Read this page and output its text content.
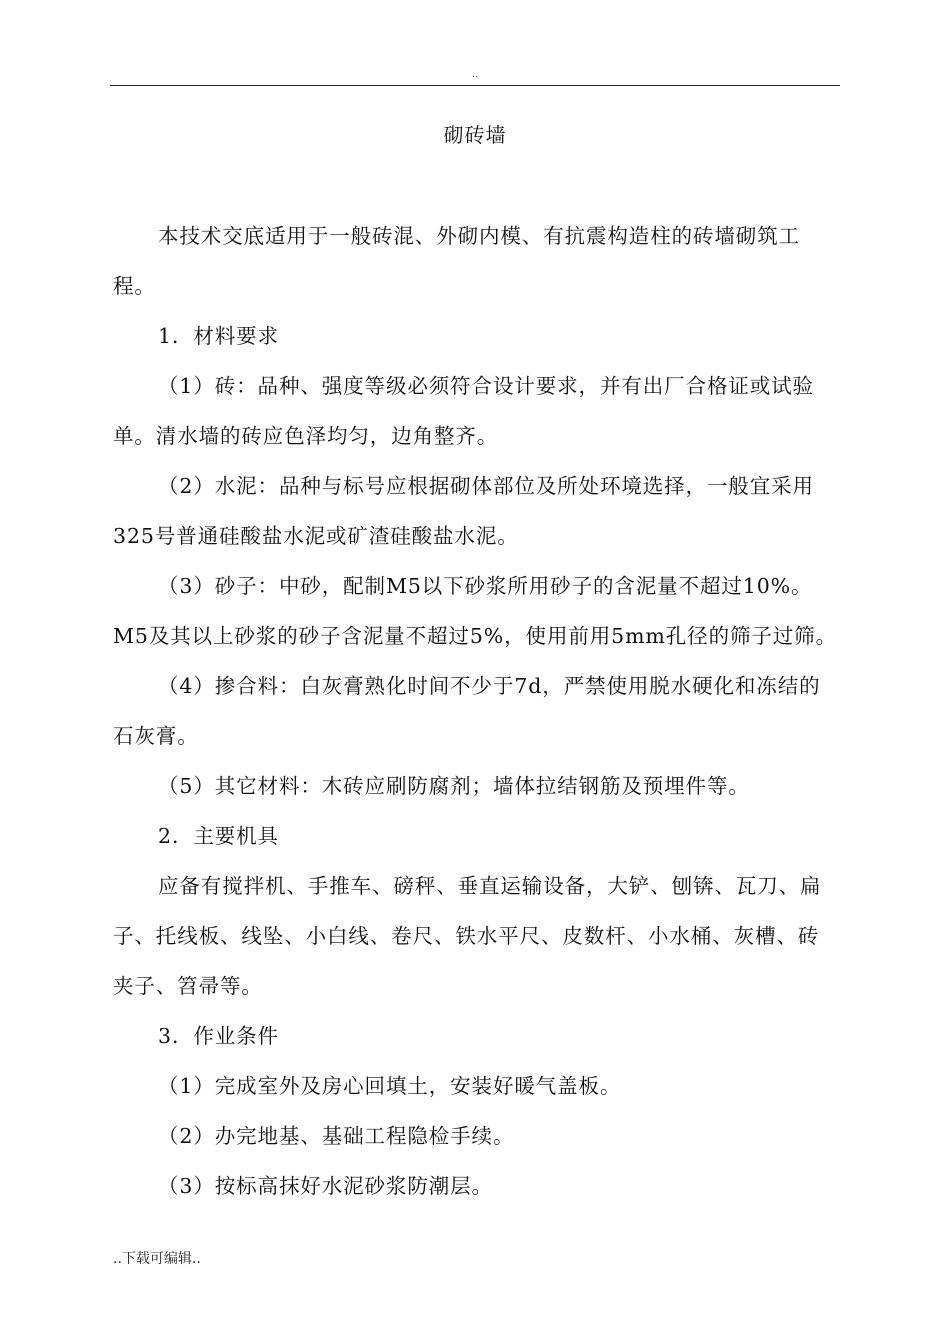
..
砌砖墙

本技术交底适用于一般砖混、外砌内模、有抗震构造柱的砖墙砌筑工程。

1．材料要求

（1）砖：品种、强度等级必须符合设计要求，并有出厂合格证或试验单。清水墙的砖应色泽均匀，边角整齐。

（2）水泥：品种与标号应根据砌体部位及所处环境选择，一般宜采用325号普通硅酸盐水泥或矿渣硅酸盐水泥。

（3）砂子：中砂，配制M5以下砂浆所用砂子的含泥量不超过10%。M5及其以上砂浆的砂子含泥量不超过5%，使用前用5mm孔径的筛子过筛。

（4）掺合料：白灰膏熟化时间不少于7d，严禁使用脱水硬化和冻结的石灰膏。

（5）其它材料：木砖应刷防腐剂；墙体拉结钢筋及预埋件等。

2．主要机具

应备有搅拌机、手推车、磅秤、垂直运输设备，大铲、刨锛、瓦刀、扁子、托线板、线坠、小白线、卷尺、铁水平尺、皮数杆、小水桶、灰槽、砖夹子、笤帚等。

3．作业条件

（1）完成室外及房心回填土，安装好暖气盖板。

（2）办完地基、基础工程隐检手续。

（3）按标高抹好水泥砂浆防潮层。

..下载可编辑..
